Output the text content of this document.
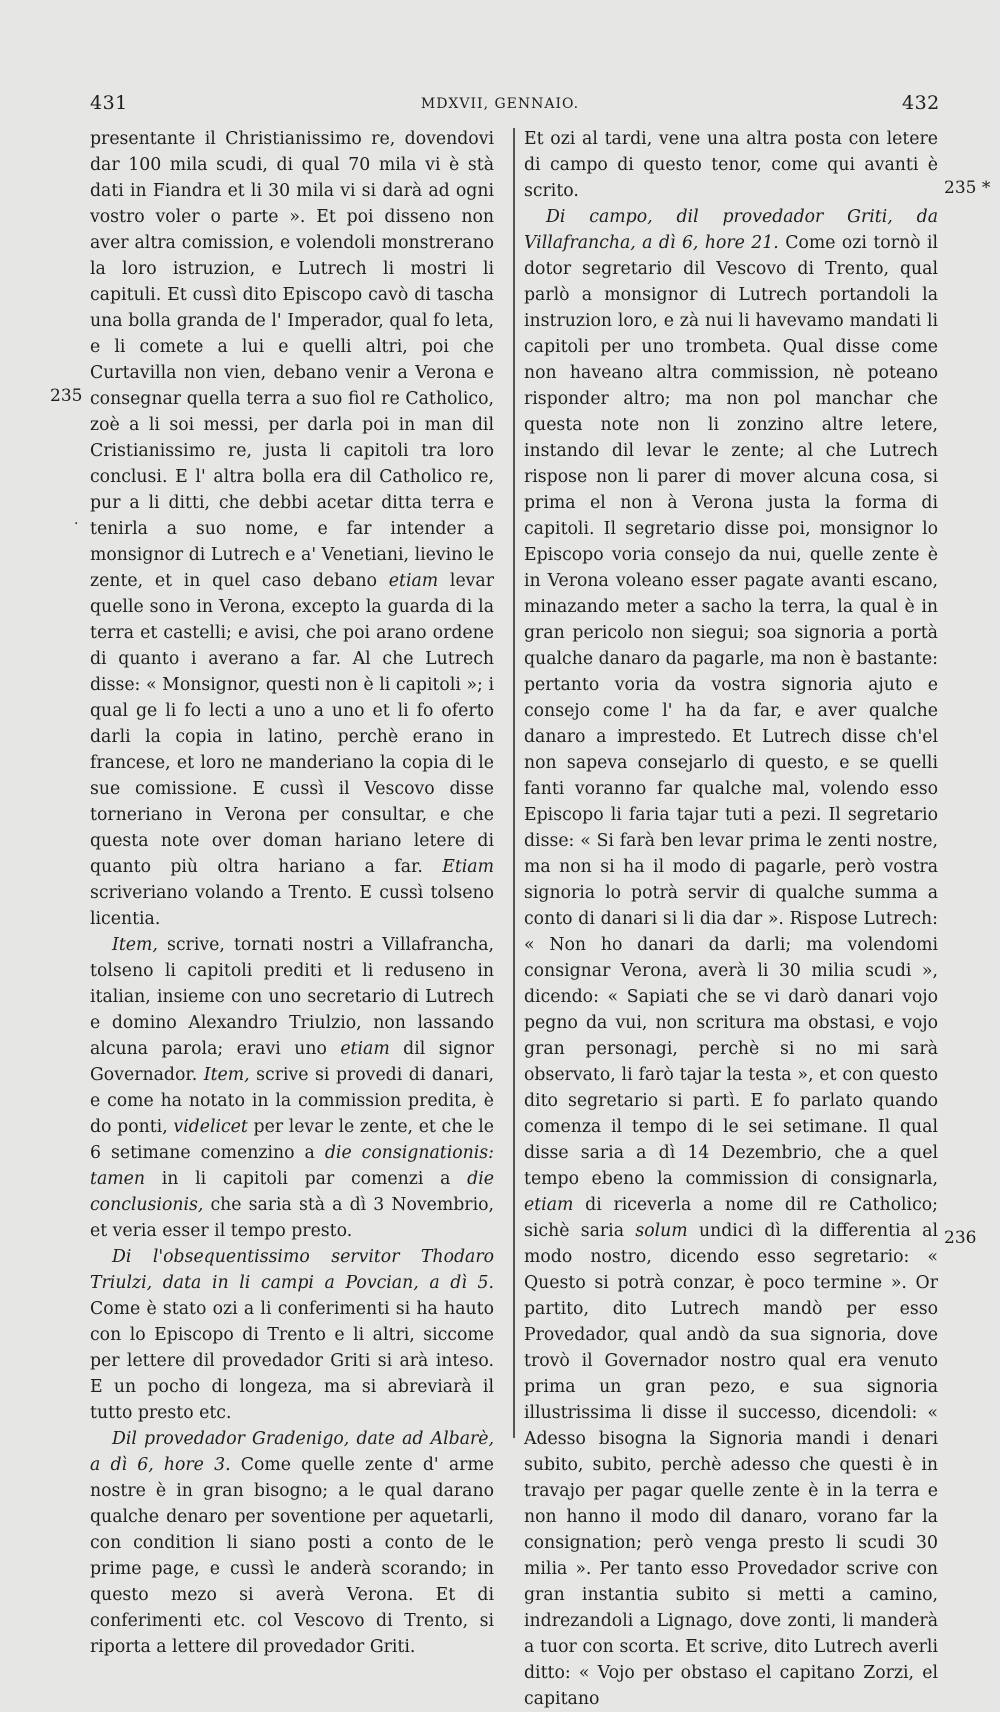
431	MDXVII, GENNAIO.	432

presentante il Christianissimo re, dovendovi dar 100 mila scudi, di qual 70 mila vi è stà dati in Fiandra et li 30 mila vi si darà ad ogni vostro voler o parte ». Et poi disseno non aver altra comission, e volendoli monstrerano la loro istruzion, e Lutrech li mostri li capituli. Et cussì dito Episcopo cavò di tascha una bolla granda de l' Imperador, qual fo leta, e li comete a lui e quelli altri, poi che Curtavilla non vien, debano venir a Verona e consegnar quella terra a suo fiol re Catholico, zoè a li soi messi, per darla poi in man dil Cristianissimo re, justa li capitoli tra loro conclusi. E l' altra bolla era dil Catholico re, pur a li ditti, che debbi acetar ditta terra e tenirla a suo nome, e far intender a monsignor di Lutrech e a' Venetiani, lievino le zente, et in quel caso debano etiam levar quelle sono in Verona, excepto la guarda di la terra et castelli; e avisi, che poi arano ordene di quanto i averano a far. Al che Lutrech disse: « Monsignor, questi non è li capitoli »; i qual ge li fo lecti a uno a uno et li fo oferto darli la copia in latino, perchè erano in francese, et loro ne manderiano la copia di le sue comissione. E cussì il Vescovo disse torneriano in Verona per consultar, e che questa note over doman hariano letere di quanto più oltra hariano a far. Etiam scriveriano volando a Trento. E cussì tolseno licentia.

Item, scrive, tornati nostri a Villafrancha, tolseno li capitoli prediti et li reduseno in italian, insieme con uno secretario di Lutrech e domino Alexandro Triulzio, non lassando alcuna parola; eravi uno etiam dil signor Governador. Item, scrive si provedi di danari, e come ha notato in la commission predita, è do ponti, videlicet per levar le zente, et che le 6 setimane comenzino a die consignationis: tamen in li capitoli par comenzi a die conclusionis, che saria stà a dì 3 Novembrio, et veria esser il tempo presto.

Di l'obsequentissimo servitor Thodaro Triulzi, data in li campi a Povcian, a dì 5. Come è stato ozi a li conferimenti si ha hauto con lo Episcopo di Trento e li altri, siccome per lettere dil provedador Griti si arà inteso. E un pocho di longeza, ma si abreviarà il tutto presto etc.

Dil provedador Gradenigo, date ad Albarè, a dì 6, hore 3. Come quelle zente d' arme nostre è in gran bisogno; a le qual darano qualche denaro per soventione per aquetarli, con condition li siano posti a conto de le prime page, e cussì le anderà scorando; in questo mezo si averà Verona. Et di conferimenti etc. col Vescovo di Trento, si riporta a lettere dil provedador Griti.

Et ozi al tardi, vene una altra posta con letere di campo di questo tenor, come qui avanti è scrito.

Di campo, dil provedador Griti, da Villafrancha, a dì 6, hore 21. Come ozi tornò il dotor segretario dil Vescovo di Trento, qual parlò a monsignor di Lutrech portandoli la instruzion loro, e zà nui li havevamo mandati li capitoli per uno trombeta. Qual disse come non haveano altra commission, nè poteano risponder altro; ma non pol manchar che questa note non li zonzino altre letere, instando dil levar le zente; al che Lutrech rispose non li parer di mover alcuna cosa, si prima el non à Verona justa la forma di capitoli. Il segretario disse poi, monsignor lo Episcopo voria consejo da nui, quelle zente è in Verona voleano esser pagate avanti escano, minazando meter a sacho la terra, la qual è in gran pericolo non siegui; soa signoria a portà qualche danaro da pagarle, ma non è bastante: pertanto voria da vostra signoria ajuto e consejo come l' ha da far, e aver qualche danaro a imprestedo. Et Lutrech disse ch'el non sapeva consejarlo di questo, e se quelli fanti voranno far qualche mal, volendo esso Episcopo li faria tajar tuti a pezi. Il segretario disse: « Si farà ben levar prima le zenti nostre, ma non si ha il modo di pagarle, però vostra signoria lo potrà servir di qualche summa a conto di danari si li dia dar ». Rispose Lutrech: « Non ho danari da darli; ma volendomi consignar Verona, averà li 30 milia scudi », dicendo: « Sapiati che se vi darò danari vojo pegno da vui, non scritura ma obstasi, e vojo gran personagi, perchè si no mi sarà observato, li farò tajar la testa », et con questo dito segretario si partì. E fo parlato quando comenza il tempo di le sei setimane. Il qual disse saria a dì 14 Dezembrio, che a quel tempo ebeno la commission di consignarla, etiam di riceverla a nome dil re Catholico; sichè saria solum undici dì la differentia al modo nostro, dicendo esso segretario: « Questo si potrà conzar, è poco termine ». Or partito, dito Lutrech mandò per esso Provedador, qual andò da sua signoria, dove trovò il Governador nostro qual era venuto prima un gran pezo, e sua signoria illustrissima li disse il successo, dicendoli: « Adesso bisogna la Signoria mandi i denari subito, subito, perchè adesso che questi è in travajo per pagar quelle zente è in la terra e non hanno il modo dil danaro, vorano far la consignation; però venga presto li scudi 30 milia ». Per tanto esso Provedador scrive con gran instantia subito si metti a camino, indrezandoli a Lignago, dove zonti, li manderà a tuor con scorta. Et scrive, dito Lutrech averli ditto: « Vojo per obstaso el capitano Zorzi, el capitano

235
·
235 *
236
